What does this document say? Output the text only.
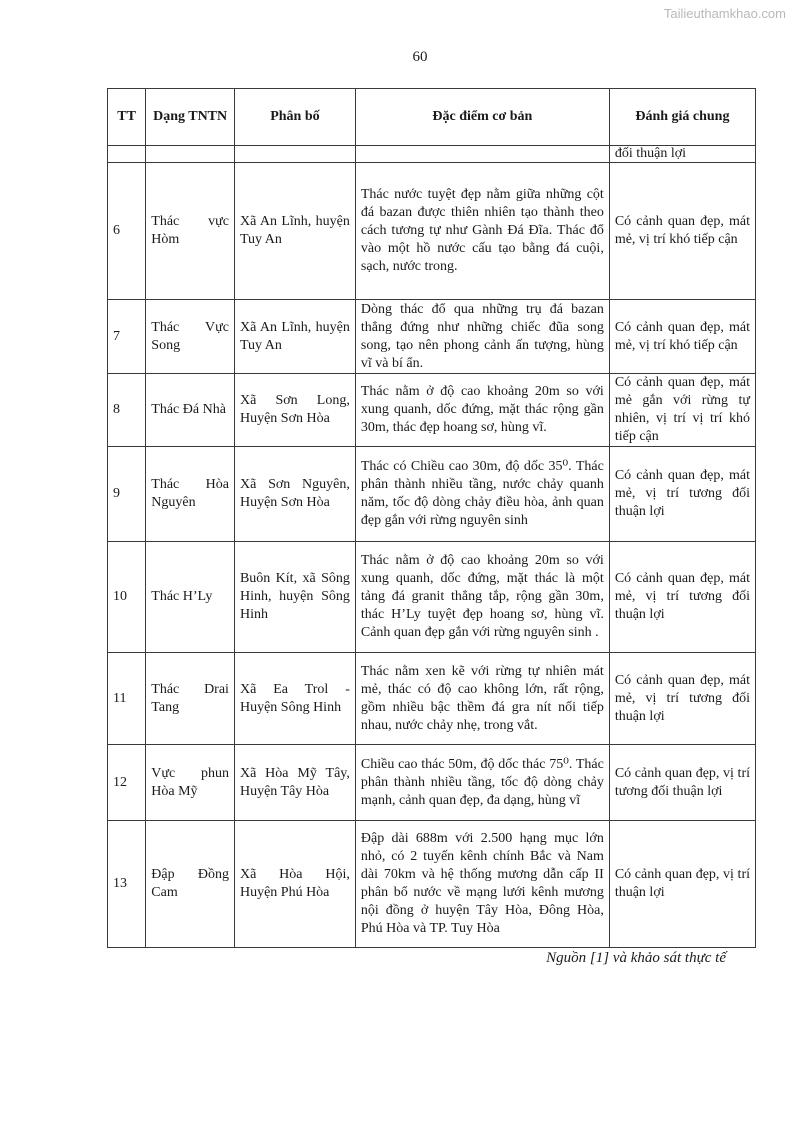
Tailieuthamkhao.com
60
TT	Dạng TNTN	Phân bố	Đặc điểm cơ bản	Đánh giá chung
				đối thuận lợi
6	Thác vực Hòm	Xã An Lĩnh, huyện Tuy An	Thác nước tuyệt đẹp nằm giữa những cột đá bazan được thiên nhiên tạo thành theo cách tương tự như Gành Đá Đĩa. Thác đổ vào một hồ nước cấu tạo bằng đá cuội, sạch, nước trong.	Có cảnh quan đẹp, mát mẻ, vị trí khó tiếp cận
7	Thác Vực Song	Xã An Lĩnh, huyện Tuy An	Dòng thác đổ qua những trụ đá bazan thẳng đứng như những chiếc đũa song song, tạo nên phong cảnh ấn tượng, hùng vĩ và bí ẩn.	Có cảnh quan đẹp, mát mẻ, vị trí khó tiếp cận
8	Thác Đá Nhà	Xã Sơn Long, Huyện Sơn Hòa	Thác nằm ở độ cao khoảng 20m so với xung quanh, dốc đứng, mặt thác rộng gần 30m, thác đẹp hoang sơ, hùng vĩ.	Có cảnh quan đẹp, mát mẻ gắn với rừng tự nhiên, vị trí vị trí khó tiếp cận
9	Thác Hòa Nguyên	Xã Sơn Nguyên, Huyện Sơn Hòa	Thác có Chiều cao 30m, độ dốc 35⁰. Thác phân thành nhiều tầng, nước chảy quanh năm, tốc độ dòng chảy điều hòa, ảnh quan đẹp gắn với rừng nguyên sinh	Có cảnh quan đẹp, mát mẻ, vị trí tương đối thuận lợi
10	Thác H’Ly	Buôn Kít, xã Sông Hinh, huyện Sông Hinh	Thác nằm ở độ cao khoảng 20m so với xung quanh, dốc đứng, mặt thác là một tảng đá granit thẳng tắp, rộng gần 30m, thác H’Ly tuyệt đẹp hoang sơ, hùng vĩ. Cảnh quan đẹp gắn với rừng nguyên sinh .	Có cảnh quan đẹp, mát mẻ, vị trí tương đối thuận lợi
11	Thác Drai Tang	Xã Ea Trol - Huyện Sông Hinh	Thác nằm xen kẽ với rừng tự nhiên mát mẻ, thác có độ cao không lớn, rất rộng, gồm nhiều bậc thềm đá gra nít nối tiếp nhau, nước chảy nhẹ, trong vắt.	Có cảnh quan đẹp, mát mẻ, vị trí tương đối thuận lợi
12	Vực phun Hòa Mỹ	Xã Hòa Mỹ Tây, Huyện Tây Hòa	Chiều cao thác 50m, độ dốc thác 75⁰. Thác phân thành nhiều tầng, tốc độ dòng chảy mạnh, cảnh quan đẹp, đa dạng, hùng vĩ	Có cảnh quan đẹp, vị trí tương đối thuận lợi
13	Đập Đồng Cam	Xã Hòa Hội, Huyện Phú Hòa	Đập dài 688m với 2.500 hạng mục lớn nhỏ, có 2 tuyến kênh chính Bắc và Nam dài 70km và hệ thống mương dẫn cấp II phân bổ nước về mạng lưới kênh mương nội đồng ở huyện Tây Hòa, Đông Hòa, Phú Hòa và TP. Tuy Hòa	Có cảnh quan đẹp, vị trí thuận lợi
Nguồn [1] và khảo sát thực tế
